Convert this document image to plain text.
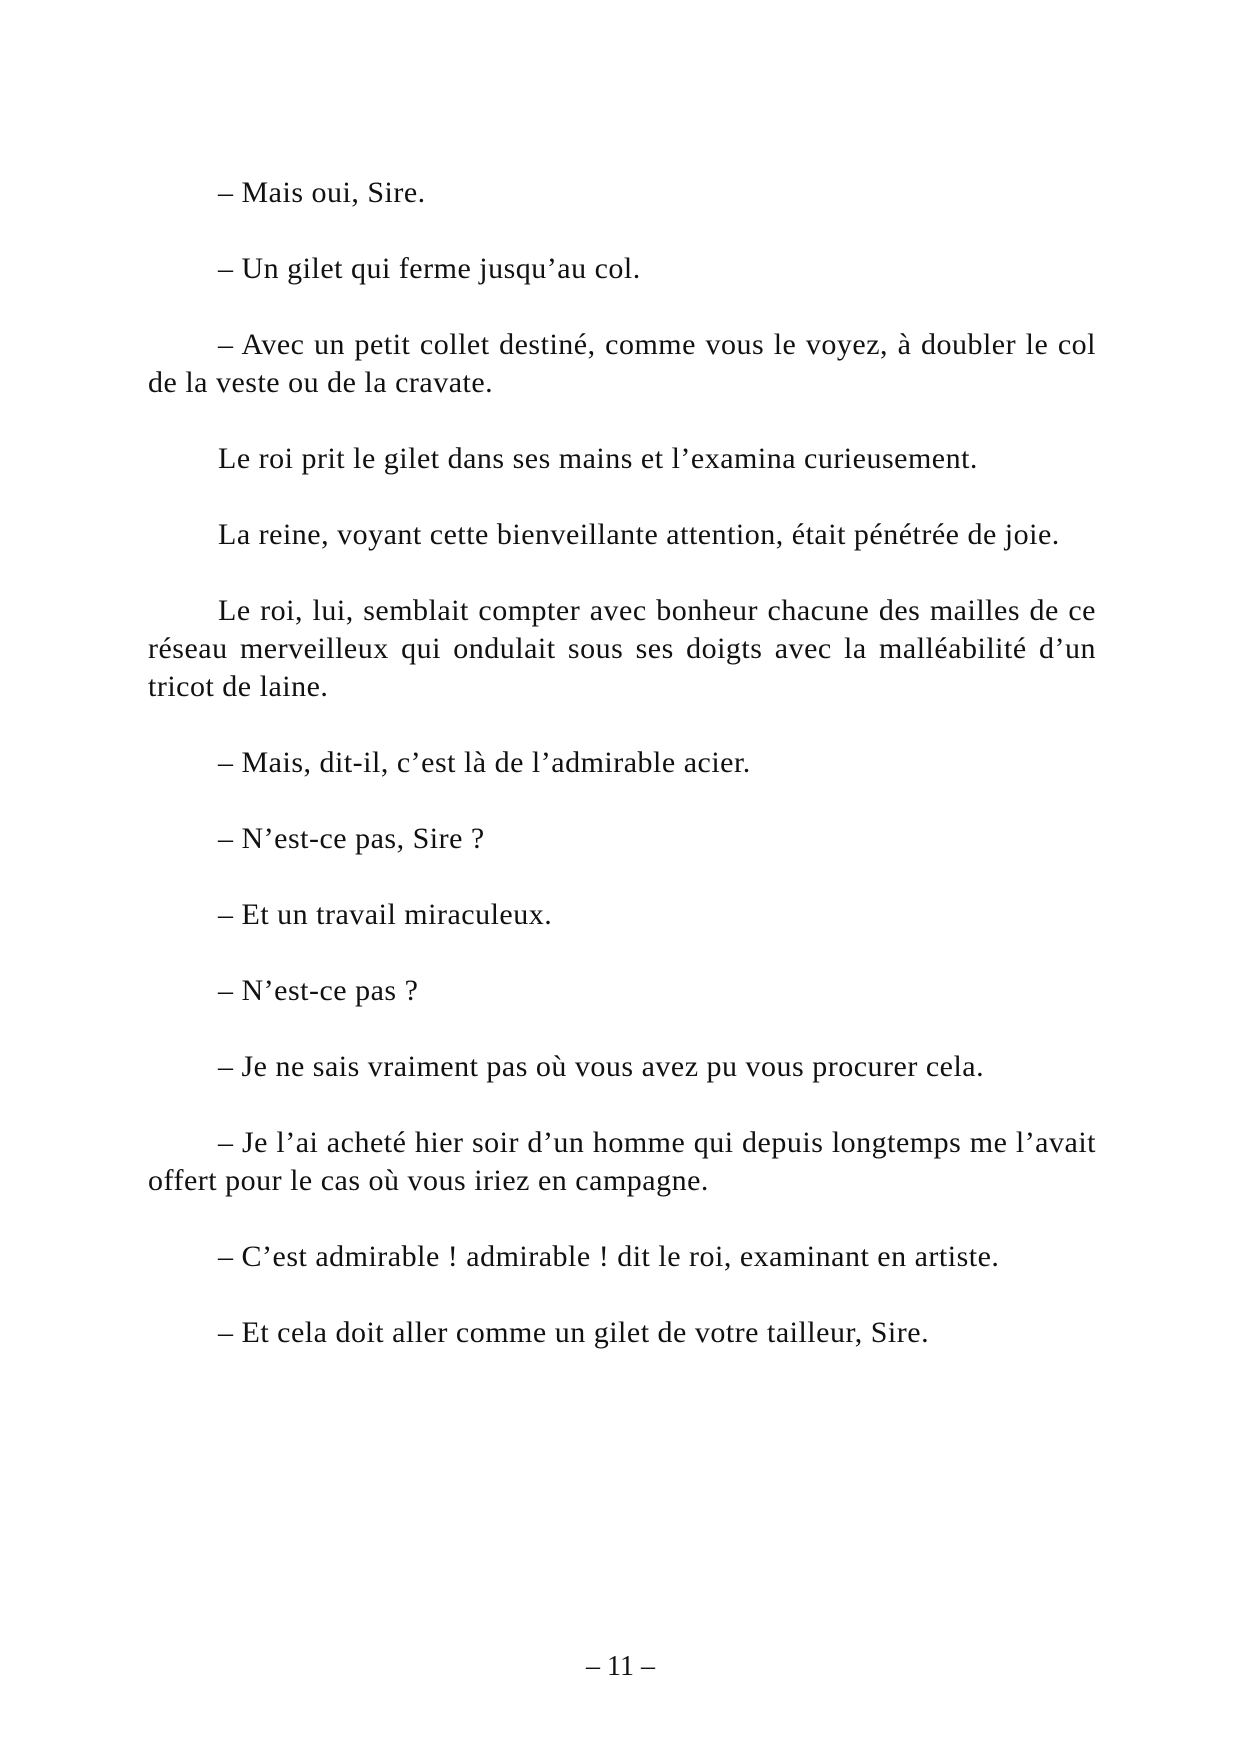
– Mais oui, Sire.

– Un gilet qui ferme jusqu’au col.

– Avec un petit collet destiné, comme vous le voyez, à doubler le col de la veste ou de la cravate.

Le roi prit le gilet dans ses mains et l’examina curieusement.

La reine, voyant cette bienveillante attention, était pénétrée de joie.

Le roi, lui, semblait compter avec bonheur chacune des mailles de ce réseau merveilleux qui ondulait sous ses doigts avec la malléabilité d’un tricot de laine.

– Mais, dit-il, c’est là de l’admirable acier.

– N’est-ce pas, Sire ?

– Et un travail miraculeux.

– N’est-ce pas ?

– Je ne sais vraiment pas où vous avez pu vous procurer cela.

– Je l’ai acheté hier soir d’un homme qui depuis longtemps me l’avait offert pour le cas où vous iriez en campagne.

– C’est admirable ! admirable ! dit le roi, examinant en artiste.

– Et cela doit aller comme un gilet de votre tailleur, Sire.

– 11 –
